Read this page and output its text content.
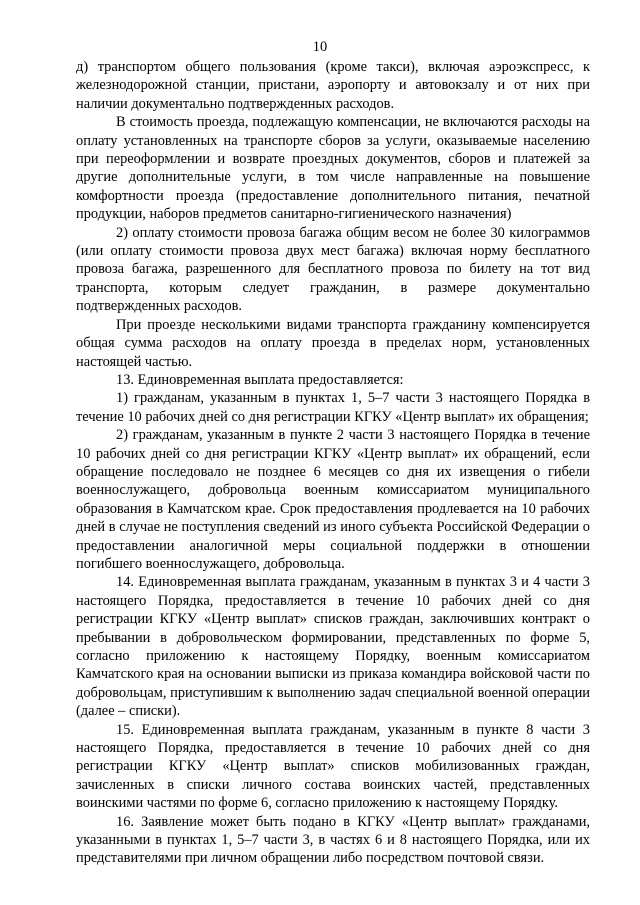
10

д) транспортом общего пользования (кроме такси), включая аэроэкспресс, к железнодорожной станции, пристани, аэропорту и автовокзалу и от них при наличии документально подтвержденных расходов.

В стоимость проезда, подлежащую компенсации, не включаются расходы на оплату установленных на транспорте сборов за услуги, оказываемые населению при переоформлении и возврате проездных документов, сборов и платежей за другие дополнительные услуги, в том числе направленные на повышение комфортности проезда (предоставление дополнительного питания, печатной продукции, наборов предметов санитарно-гигиенического назначения)

2) оплату стоимости провоза багажа общим весом не более 30 килограммов (или оплату стоимости провоза двух мест багажа) включая норму бесплатного провоза багажа, разрешенного для бесплатного провоза по билету на тот вид транспорта, которым следует гражданин, в размере документально подтвержденных расходов.

При проезде несколькими видами транспорта гражданину компенсируется общая сумма расходов на оплату проезда в пределах норм, установленных настоящей частью.

13. Единовременная выплата предоставляется:

1) гражданам, указанным в пунктах 1, 5–7 части 3 настоящего Порядка в течение 10 рабочих дней со дня регистрации КГКУ «Центр выплат» их обращения;

2) гражданам, указанным в пункте 2 части 3 настоящего Порядка в течение 10 рабочих дней со дня регистрации КГКУ «Центр выплат» их обращений, если обращение последовало не позднее 6 месяцев со дня их извещения о гибели военнослужащего, добровольца военным комиссариатом муниципального образования в Камчатском крае. Срок предоставления продлевается на 10 рабочих дней в случае не поступления сведений из иного субъекта Российской Федерации о предоставлении аналогичной меры социальной поддержки в отношении погибшего военнослужащего, добровольца.

14. Единовременная выплата гражданам, указанным в пунктах 3 и 4 части 3 настоящего Порядка, предоставляется в течение 10 рабочих дней со дня регистрации КГКУ «Центр выплат» списков граждан, заключивших контракт о пребывании в добровольческом формировании, представленных по форме 5, согласно приложению к настоящему Порядку, военным комиссариатом Камчатского края на основании выписки из приказа командира войсковой части по добровольцам, приступившим к выполнению задач специальной военной операции (далее – списки).

15. Единовременная выплата гражданам, указанным в пункте 8 части 3 настоящего Порядка, предоставляется в течение 10 рабочих дней со дня регистрации КГКУ «Центр выплат» списков мобилизованных граждан, зачисленных в списки личного состава воинских частей, представленных воинскими частями по форме 6, согласно приложению к настоящему Порядку.

16. Заявление может быть подано в КГКУ «Центр выплат» гражданами, указанными в пунктах 1, 5–7 части 3, в частях 6 и 8 настоящего Порядка, или их представителями при личном обращении либо посредством почтовой связи.
